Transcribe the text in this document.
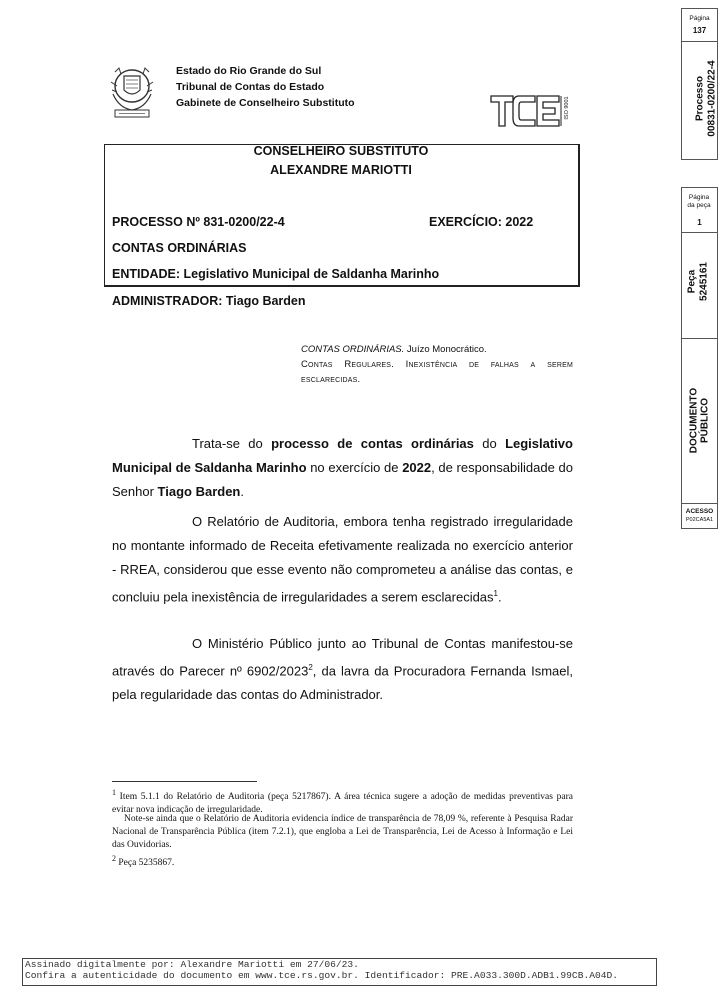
Página
137
Processo 00831-0200/22-4
Página da peça
1
Peça 5245161
DOCUMENTO PÚBLICO
ACESSO
P02CA5A1
Estado do Rio Grande do Sul
Tribunal de Contas do Estado
Gabinete de Conselheiro Substituto	ISO 9001
CONSELHEIRO SUBSTITUTO
ALEXANDRE MARIOTTI
PROCESSO Nº 831-0200/22-4	EXERCÍCIO: 2022
CONTAS ORDINÁRIAS
ENTIDADE: Legislativo Municipal de Saldanha Marinho
ADMINISTRADOR: Tiago Barden
CONTAS ORDINÁRIAS. Juízo Monocrático.
Contas Regulares. Inexistência de falhas a serem
esclarecidas.
Trata-se do processo de contas ordinárias do Legislativo Municipal de Saldanha Marinho no exercício de 2022, de responsabilidade do Senhor Tiago Barden.
O Relatório de Auditoria, embora tenha registrado irregularidade no montante informado de Receita efetivamente realizada no exercício anterior - RREA, considerou que esse evento não comprometeu a análise das contas, e concluiu pela inexistência de irregularidades a serem esclarecidas$^1$.
O Ministério Público junto ao Tribunal de Contas manifestou-se através do Parecer nº 6902/2023$^2$, da lavra da Procuradora Fernanda Ismael, pela regularidade das contas do Administrador.
$^1$ Item 5.1.1 do Relatório de Auditoria (peça 5217867). A área técnica sugere a adoção de medidas preventivas para evitar nova indicação de irregularidade.
Note-se ainda que o Relatório de Auditoria evidencia índice de transparência de 78,09 %, referente à Pesquisa Radar Nacional de Transparência Pública (item 7.2.1), que engloba a Lei de Transparência, Lei de Acesso à Informação e Lei das Ouvidorias.
$^2$ Peça 5235867.
Assinado digitalmente por: Alexandre Mariotti em 27/06/23.
Confira a autenticidade do documento em www.tce.rs.gov.br. Identificador: PRE.A033.300D.ADB1.99CB.A04D.
